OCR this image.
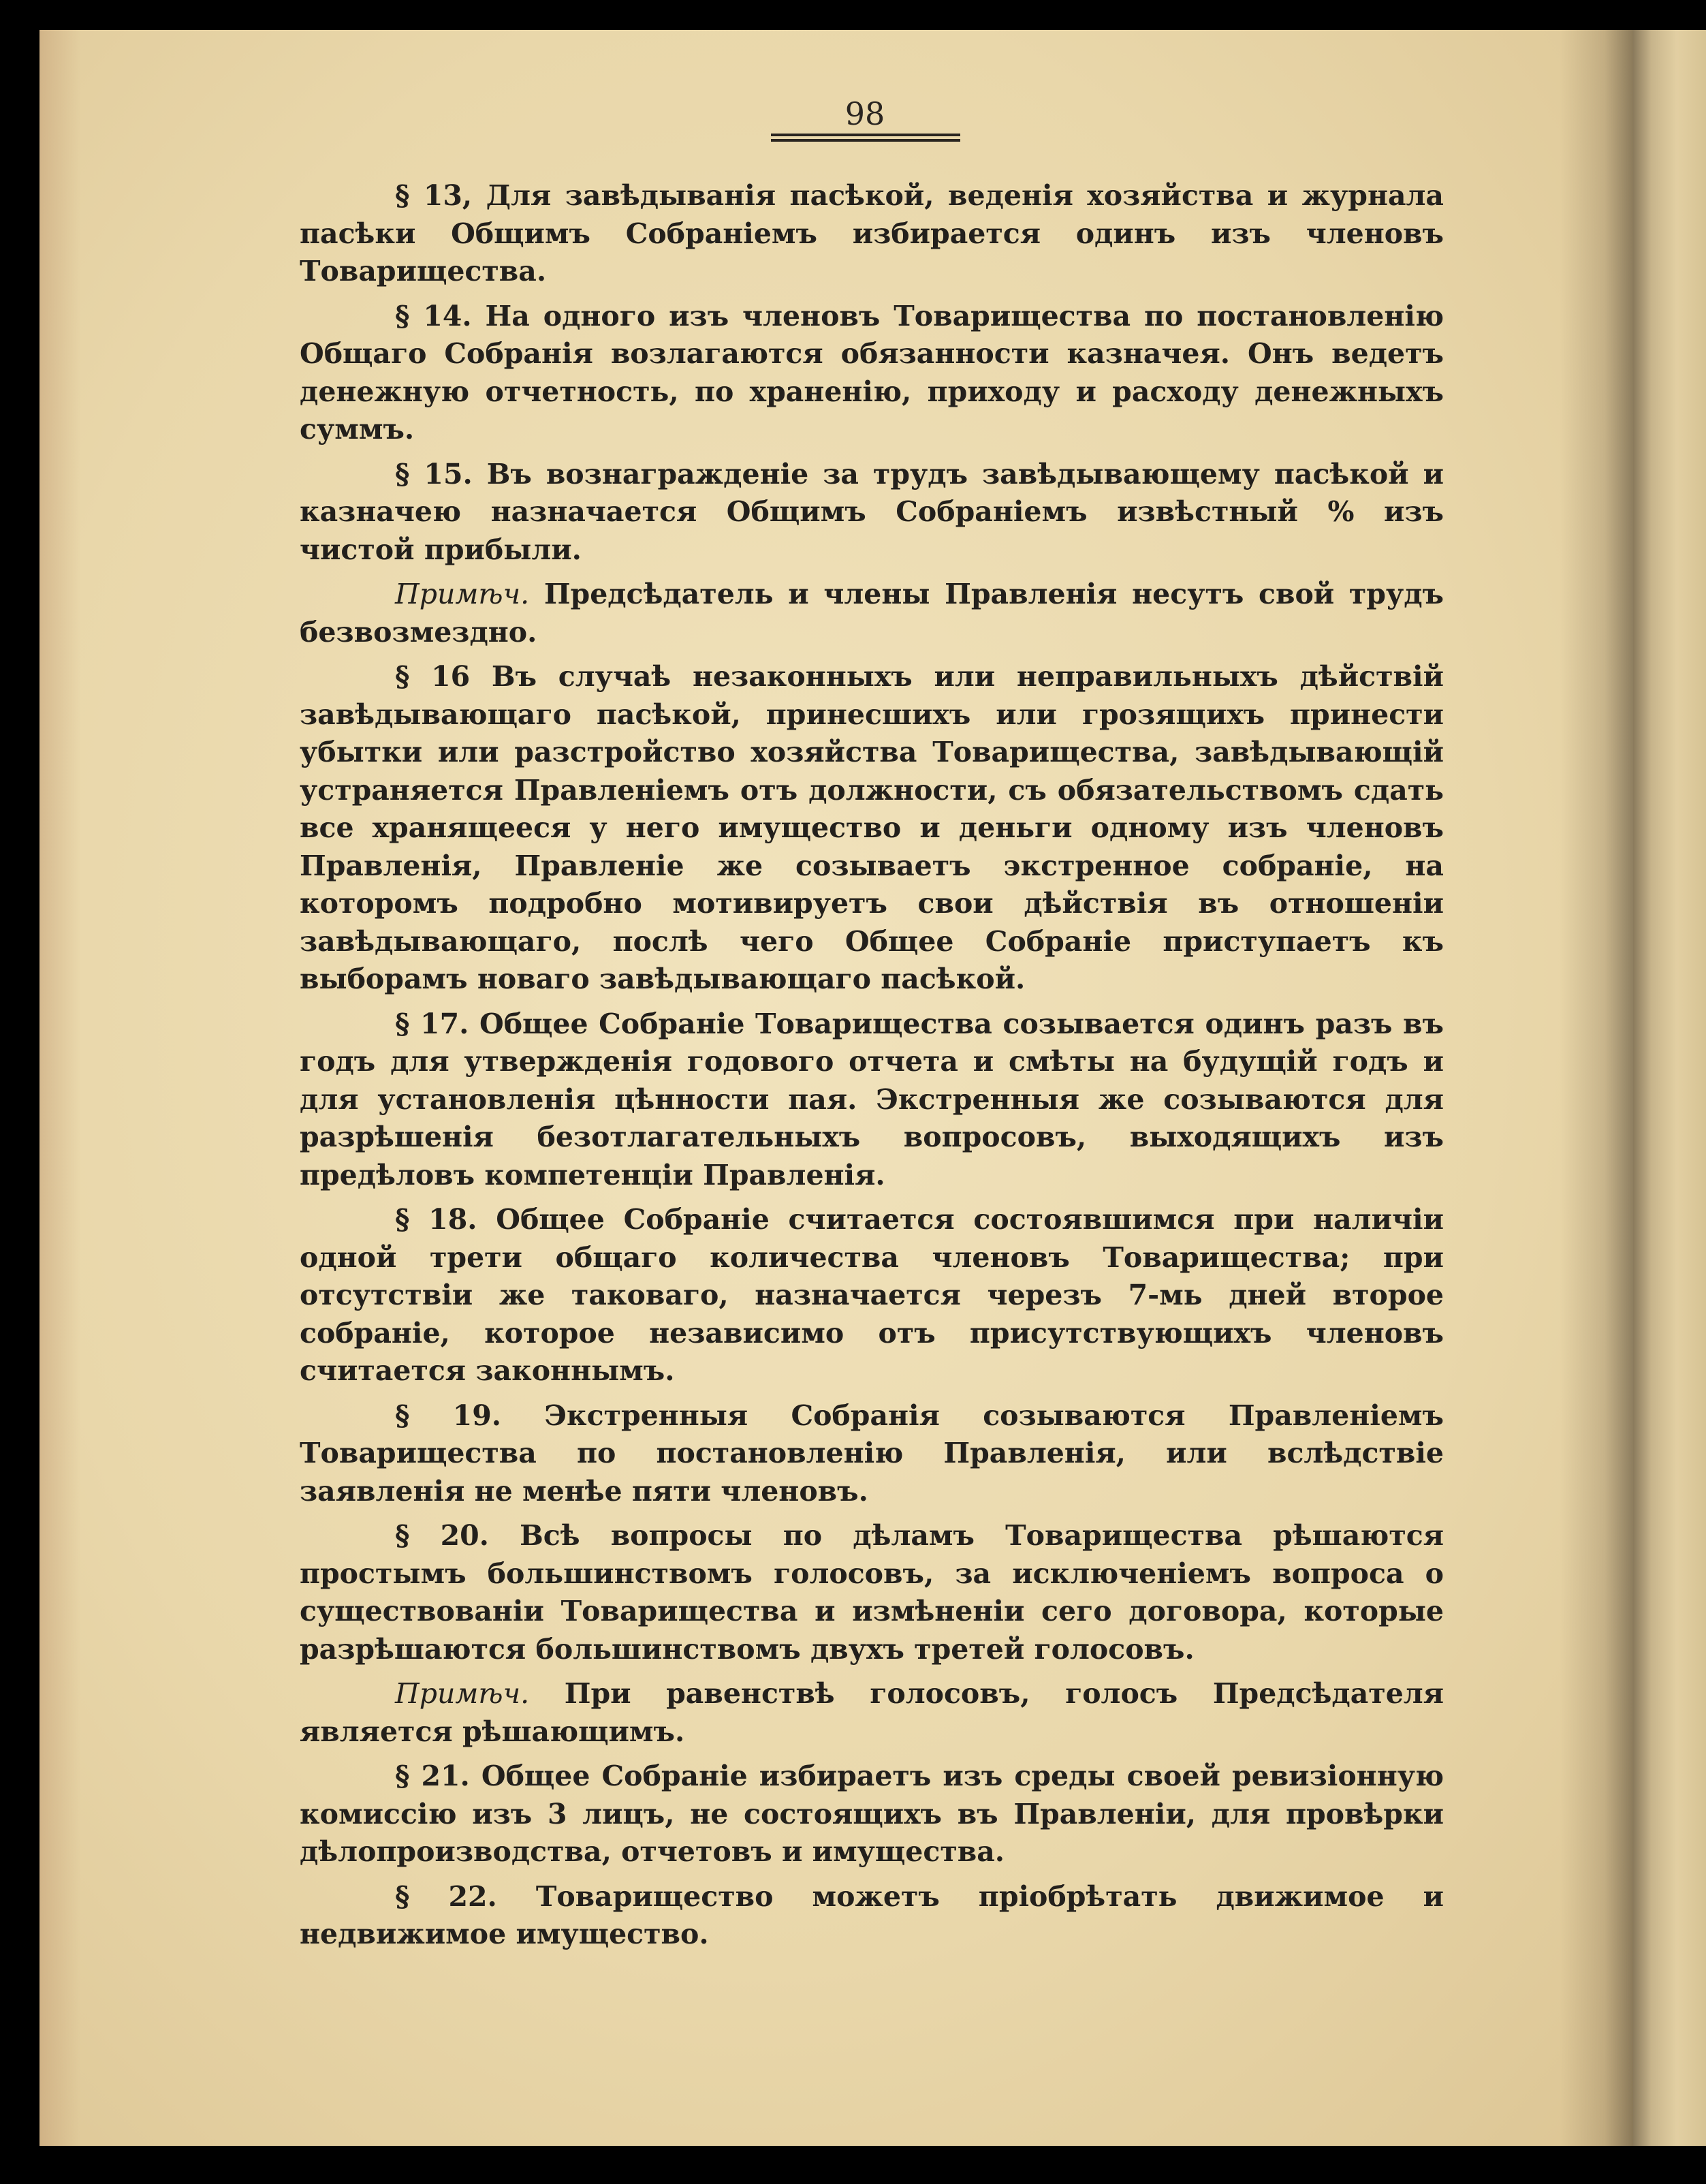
98

§ 13, Для завѣдыванія пасѣкой, веденія хозяйства и журнала пасѣки Общимъ Собраніемъ избирается одинъ изъ членовъ Товарищества.

§ 14. На одного изъ членовъ Товарищества по постановленію Общаго Собранія возлагаются обязанности казначея. Онъ ведетъ денежную отчетность, по храненію, приходу и расходу денежныхъ суммъ.

§ 15. Въ вознагражденіе за трудъ завѣдывающему пасѣкой и казначею назначается Общимъ Собраніемъ извѣстный % изъ чистой прибыли.

Примѣч. Предсѣдатель и члены Правленія несутъ свой трудъ безвозмездно.

§ 16 Въ случаѣ незаконныхъ или неправильныхъ дѣйствій завѣдывающаго пасѣкой, принесшихъ или грозящихъ принести убытки или разстройство хозяйства Товарищества, завѣдывающій устраняется Правленіемъ отъ должности, съ обязательствомъ сдать все хранящееся у него имущество и деньги одному изъ членовъ Правленія, Правленіе же созываетъ экстренное собраніе, на которомъ подробно мотивируетъ свои дѣйствія въ отношеніи завѣдывающаго, послѣ чего Общее Собраніе приступаетъ къ выборамъ новаго завѣдывающаго пасѣкой.

§ 17. Общее Собраніе Товарищества созывается одинъ разъ въ годъ для утвержденія годового отчета и смѣты на будущій годъ и для установленія цѣнности пая. Экстренныя же созываются для разрѣшенія безотлагательныхъ вопросовъ, выходящихъ изъ предѣловъ компетенціи Правленія.

§ 18. Общее Собраніе считается состоявшимся при наличіи одной трети общаго количества членовъ Товарищества; при отсутствіи же таковаго, назначается черезъ 7-мь дней второе собраніе, которое независимо отъ присутствующихъ членовъ считается законнымъ.

§ 19. Экстренныя Собранія созываются Правленіемъ Товарищества по постановленію Правленія, или вслѣдствіе заявленія не менѣе пяти членовъ.

§ 20. Всѣ вопросы по дѣламъ Товарищества рѣшаются простымъ большинствомъ голосовъ, за исключеніемъ вопроса о существованіи Товарищества и измѣненіи сего договора, которые разрѣшаются большинствомъ двухъ третей голосовъ.

Примѣч. При равенствѣ голосовъ, голосъ Предсѣдателя является рѣшающимъ.

§ 21. Общее Собраніе избираетъ изъ среды своей ревизіонную комиссію изъ 3 лицъ, не состоящихъ въ Правленіи, для провѣрки дѣлопроизводства, отчетовъ и имущества.

§ 22. Товарищество можетъ пріобрѣтать движимое и недвижимое имущество.
